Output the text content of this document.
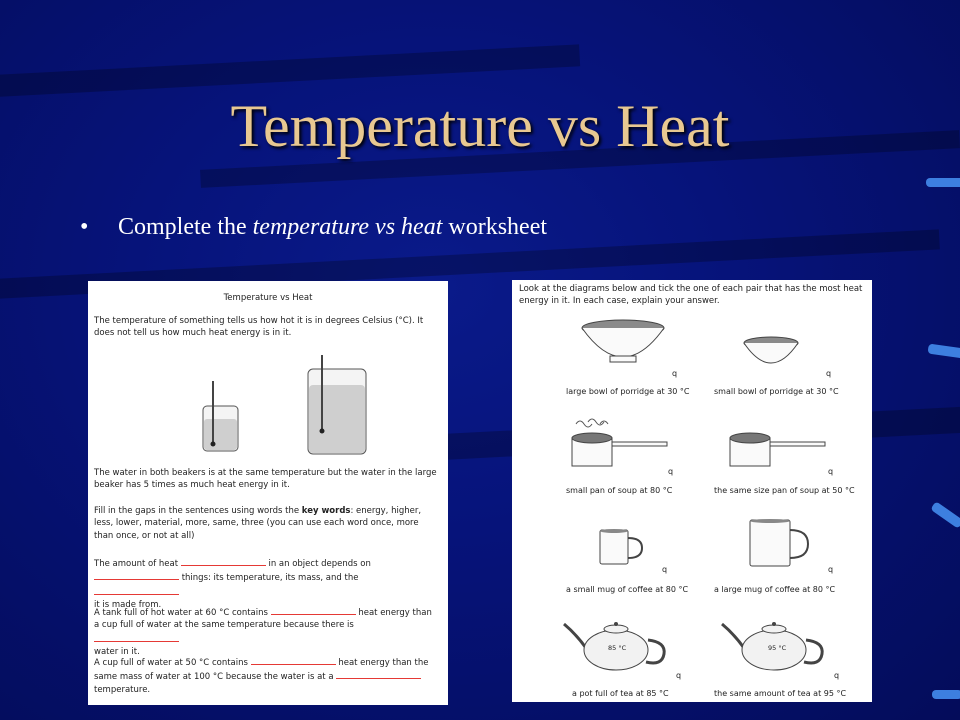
Temperature vs Heat
• Complete the temperature vs heat worksheet
Temperature vs Heat
The temperature of something tells us how hot it is in degrees Celsius (°C). It does not tell us how much heat energy is in it.
The water in both beakers is at the same temperature but the water in the large beaker has 5 times as much heat energy in it.
Fill in the gaps in the sentences using words the key words: energy, higher, less, lower, material, more, same, three (you can use each word once, more than once, or not at all)
The amount of heat	in an object depends on
things: its temperature, its mass, and the
it is made from.
A tank full of hot water at 60 °C contains	heat energy than a cup full of water at the same temperature because there is
water in it.
A cup full of water at 50 °C contains	heat energy than the same mass of water at 100 °C because the water is at a
temperature.
Look at the diagrams below and tick the one of each pair that has the most heat energy in it. In each case, explain your answer.
q	q
large bowl of porridge at 30 °C	small bowl of porridge at 30 °C
q	q
small pan of soup at 80 °C	the same size pan of soup at 50 °C
q	q
a small mug of coffee at 80 °C	a large mug of coffee at 80 °C
85 °C	95 °C
q	q
a pot full of tea at 85 °C	the same amount of tea at 95 °C
